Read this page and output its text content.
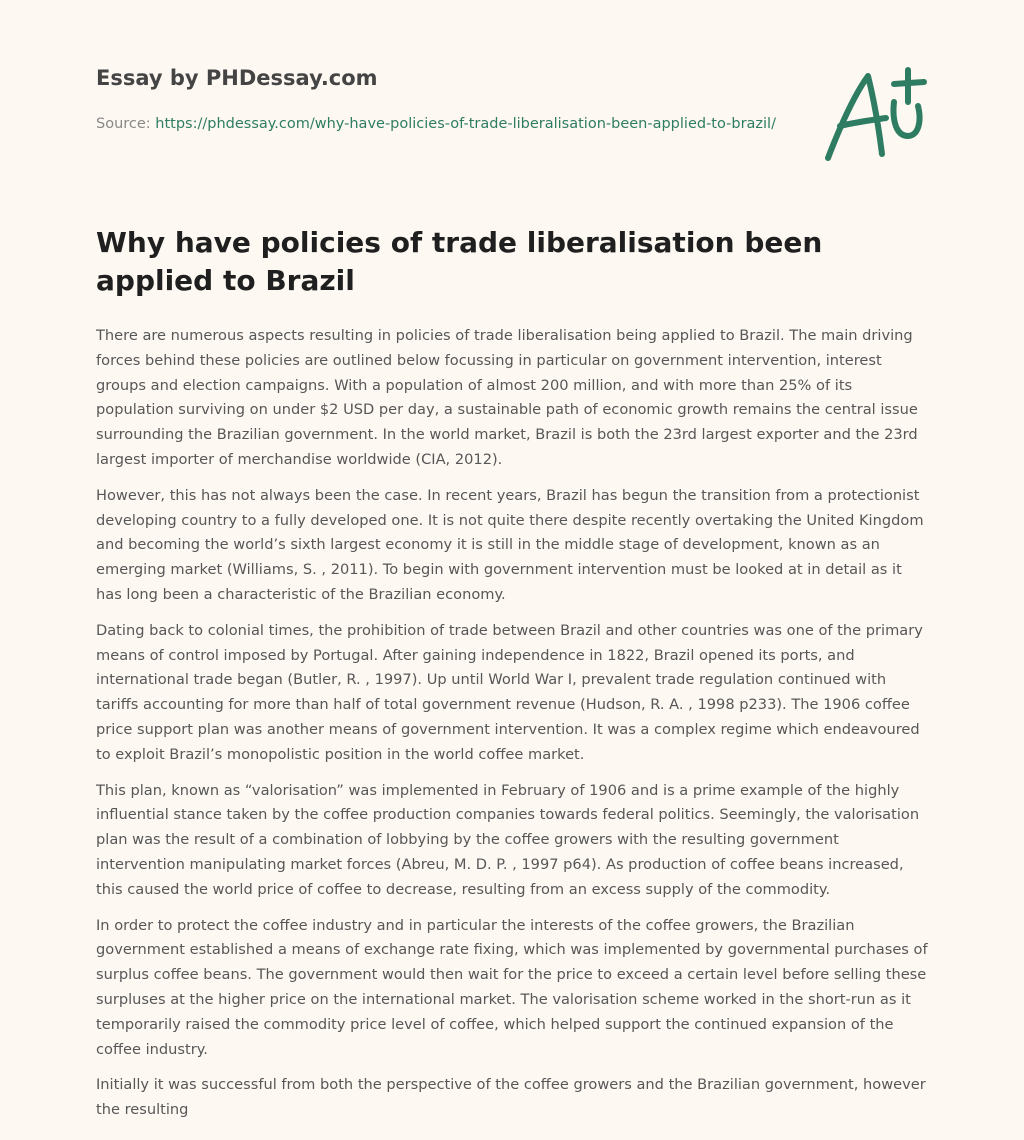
Essay by PHDessay.com
Source: https://phdessay.com/why-have-policies-of-trade-liberalisation-been-applied-to-brazil/
Why have policies of trade liberalisation been applied to Brazil

There are numerous aspects resulting in policies of trade liberalisation being applied to Brazil. The main driving forces behind these policies are outlined below focussing in particular on government intervention, interest groups and election campaigns. With a population of almost 200 million, and with more than 25% of its population surviving on under $2 USD per day, a sustainable path of economic growth remains the central issue surrounding the Brazilian government. In the world market, Brazil is both the 23rd largest exporter and the 23rd largest importer of merchandise worldwide (CIA, 2012).

However, this has not always been the case. In recent years, Brazil has begun the transition from a protectionist developing country to a fully developed one. It is not quite there despite recently overtaking the United Kingdom and becoming the world’s sixth largest economy it is still in the middle stage of development, known as an emerging market (Williams, S. , 2011). To begin with government intervention must be looked at in detail as it has long been a characteristic of the Brazilian economy.

Dating back to colonial times, the prohibition of trade between Brazil and other countries was one of the primary means of control imposed by Portugal. After gaining independence in 1822, Brazil opened its ports, and international trade began (Butler, R. , 1997). Up until World War I, prevalent trade regulation continued with tariffs accounting for more than half of total government revenue (Hudson, R. A. , 1998 p233). The 1906 coffee price support plan was another means of government intervention. It was a complex regime which endeavoured to exploit Brazil’s monopolistic position in the world coffee market.

This plan, known as “valorisation” was implemented in February of 1906 and is a prime example of the highly influential stance taken by the coffee production companies towards federal politics. Seemingly, the valorisation plan was the result of a combination of lobbying by the coffee growers with the resulting government intervention manipulating market forces (Abreu, M. D. P. , 1997 p64). As production of coffee beans increased, this caused the world price of coffee to decrease, resulting from an excess supply of the commodity.

In order to protect the coffee industry and in particular the interests of the coffee growers, the Brazilian government established a means of exchange rate fixing, which was implemented by governmental purchases of surplus coffee beans. The government would then wait for the price to exceed a certain level before selling these surpluses at the higher price on the international market. The valorisation scheme worked in the short-run as it temporarily raised the commodity price level of coffee, which helped support the continued expansion of the coffee industry.

Initially it was successful from both the perspective of the coffee growers and the Brazilian government, however the resulting
